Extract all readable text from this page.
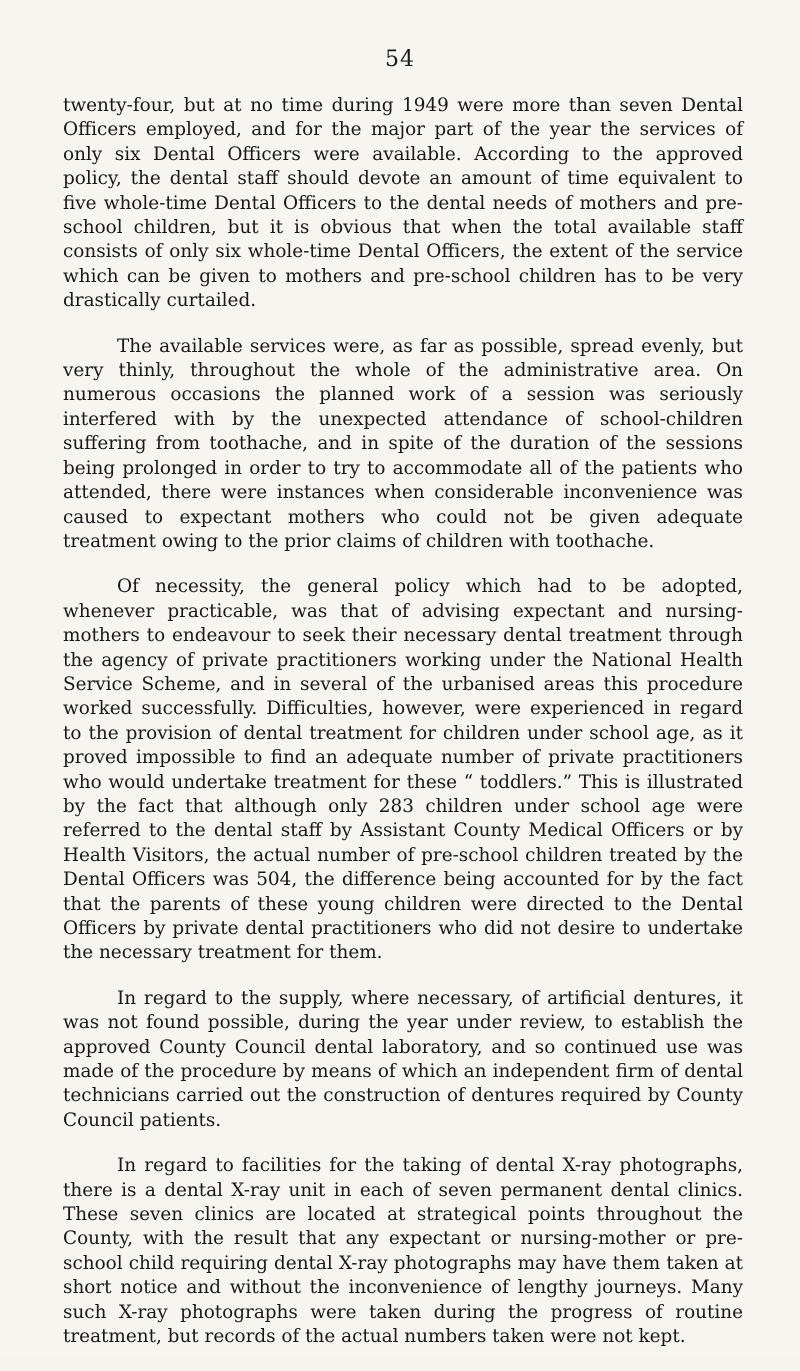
54

twenty-four, but at no time during 1949 were more than seven Dental Officers employed, and for the major part of the year the services of only six Dental Officers were available. According to the approved policy, the dental staff should devote an amount of time equivalent to five whole-time Dental Officers to the dental needs of mothers and pre-school children, but it is obvious that when the total available staff consists of only six whole-time Dental Officers, the extent of the service which can be given to mothers and pre-school children has to be very drastically curtailed.

The available services were, as far as possible, spread evenly, but very thinly, throughout the whole of the administrative area. On numerous occasions the planned work of a session was seriously interfered with by the unexpected attendance of school-children suffering from toothache, and in spite of the duration of the sessions being prolonged in order to try to accommodate all of the patients who attended, there were instances when considerable inconvenience was caused to expectant mothers who could not be given adequate treatment owing to the prior claims of children with toothache.

Of necessity, the general policy which had to be adopted, whenever practicable, was that of advising expectant and nursing-mothers to endeavour to seek their necessary dental treatment through the agency of private practitioners working under the National Health Service Scheme, and in several of the urbanised areas this procedure worked successfully. Difficulties, however, were experienced in regard to the provision of dental treatment for children under school age, as it proved impossible to find an adequate number of private practitioners who would undertake treatment for these “ toddlers.” This is illustrated by the fact that although only 283 children under school age were referred to the dental staff by Assistant County Medical Officers or by Health Visitors, the actual number of pre-school children treated by the Dental Officers was 504, the difference being accounted for by the fact that the parents of these young children were directed to the Dental Officers by private dental practitioners who did not desire to undertake the necessary treatment for them.

In regard to the supply, where necessary, of artificial dentures, it was not found possible, during the year under review, to establish the approved County Council dental laboratory, and so continued use was made of the procedure by means of which an independent firm of dental technicians carried out the construction of dentures required by County Council patients.

In regard to facilities for the taking of dental X-ray photographs, there is a dental X-ray unit in each of seven permanent dental clinics. These seven clinics are located at strategical points throughout the County, with the result that any expectant or nursing-mother or pre-school child requiring dental X-ray photographs may have them taken at short notice and without the inconvenience of lengthy journeys. Many such X-ray photographs were taken during the progress of routine treatment, but records of the actual numbers taken were not kept.
